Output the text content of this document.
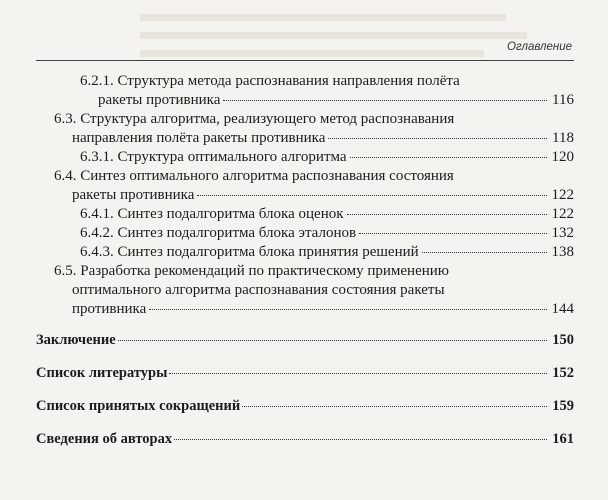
Оглавление
6.2.1. Структура метода распознавания направления полёта
ракеты противника	116
6.3. Структура алгоритма, реализующего метод распознавания
направления полёта ракеты противника	118
6.3.1. Структура оптимального алгоритма	120
6.4. Синтез оптимального алгоритма распознавания состояния
ракеты противника	122
6.4.1. Синтез подалгоритма блока оценок	122
6.4.2. Синтез подалгоритма блока эталонов	132
6.4.3. Синтез подалгоритма блока принятия решений	138
6.5. Разработка рекомендаций по практическому применению
оптимального алгоритма распознавания состояния ракеты
противника	144
Заключение	150
Список литературы	152
Список принятых сокращений	159
Сведения об авторах	161
